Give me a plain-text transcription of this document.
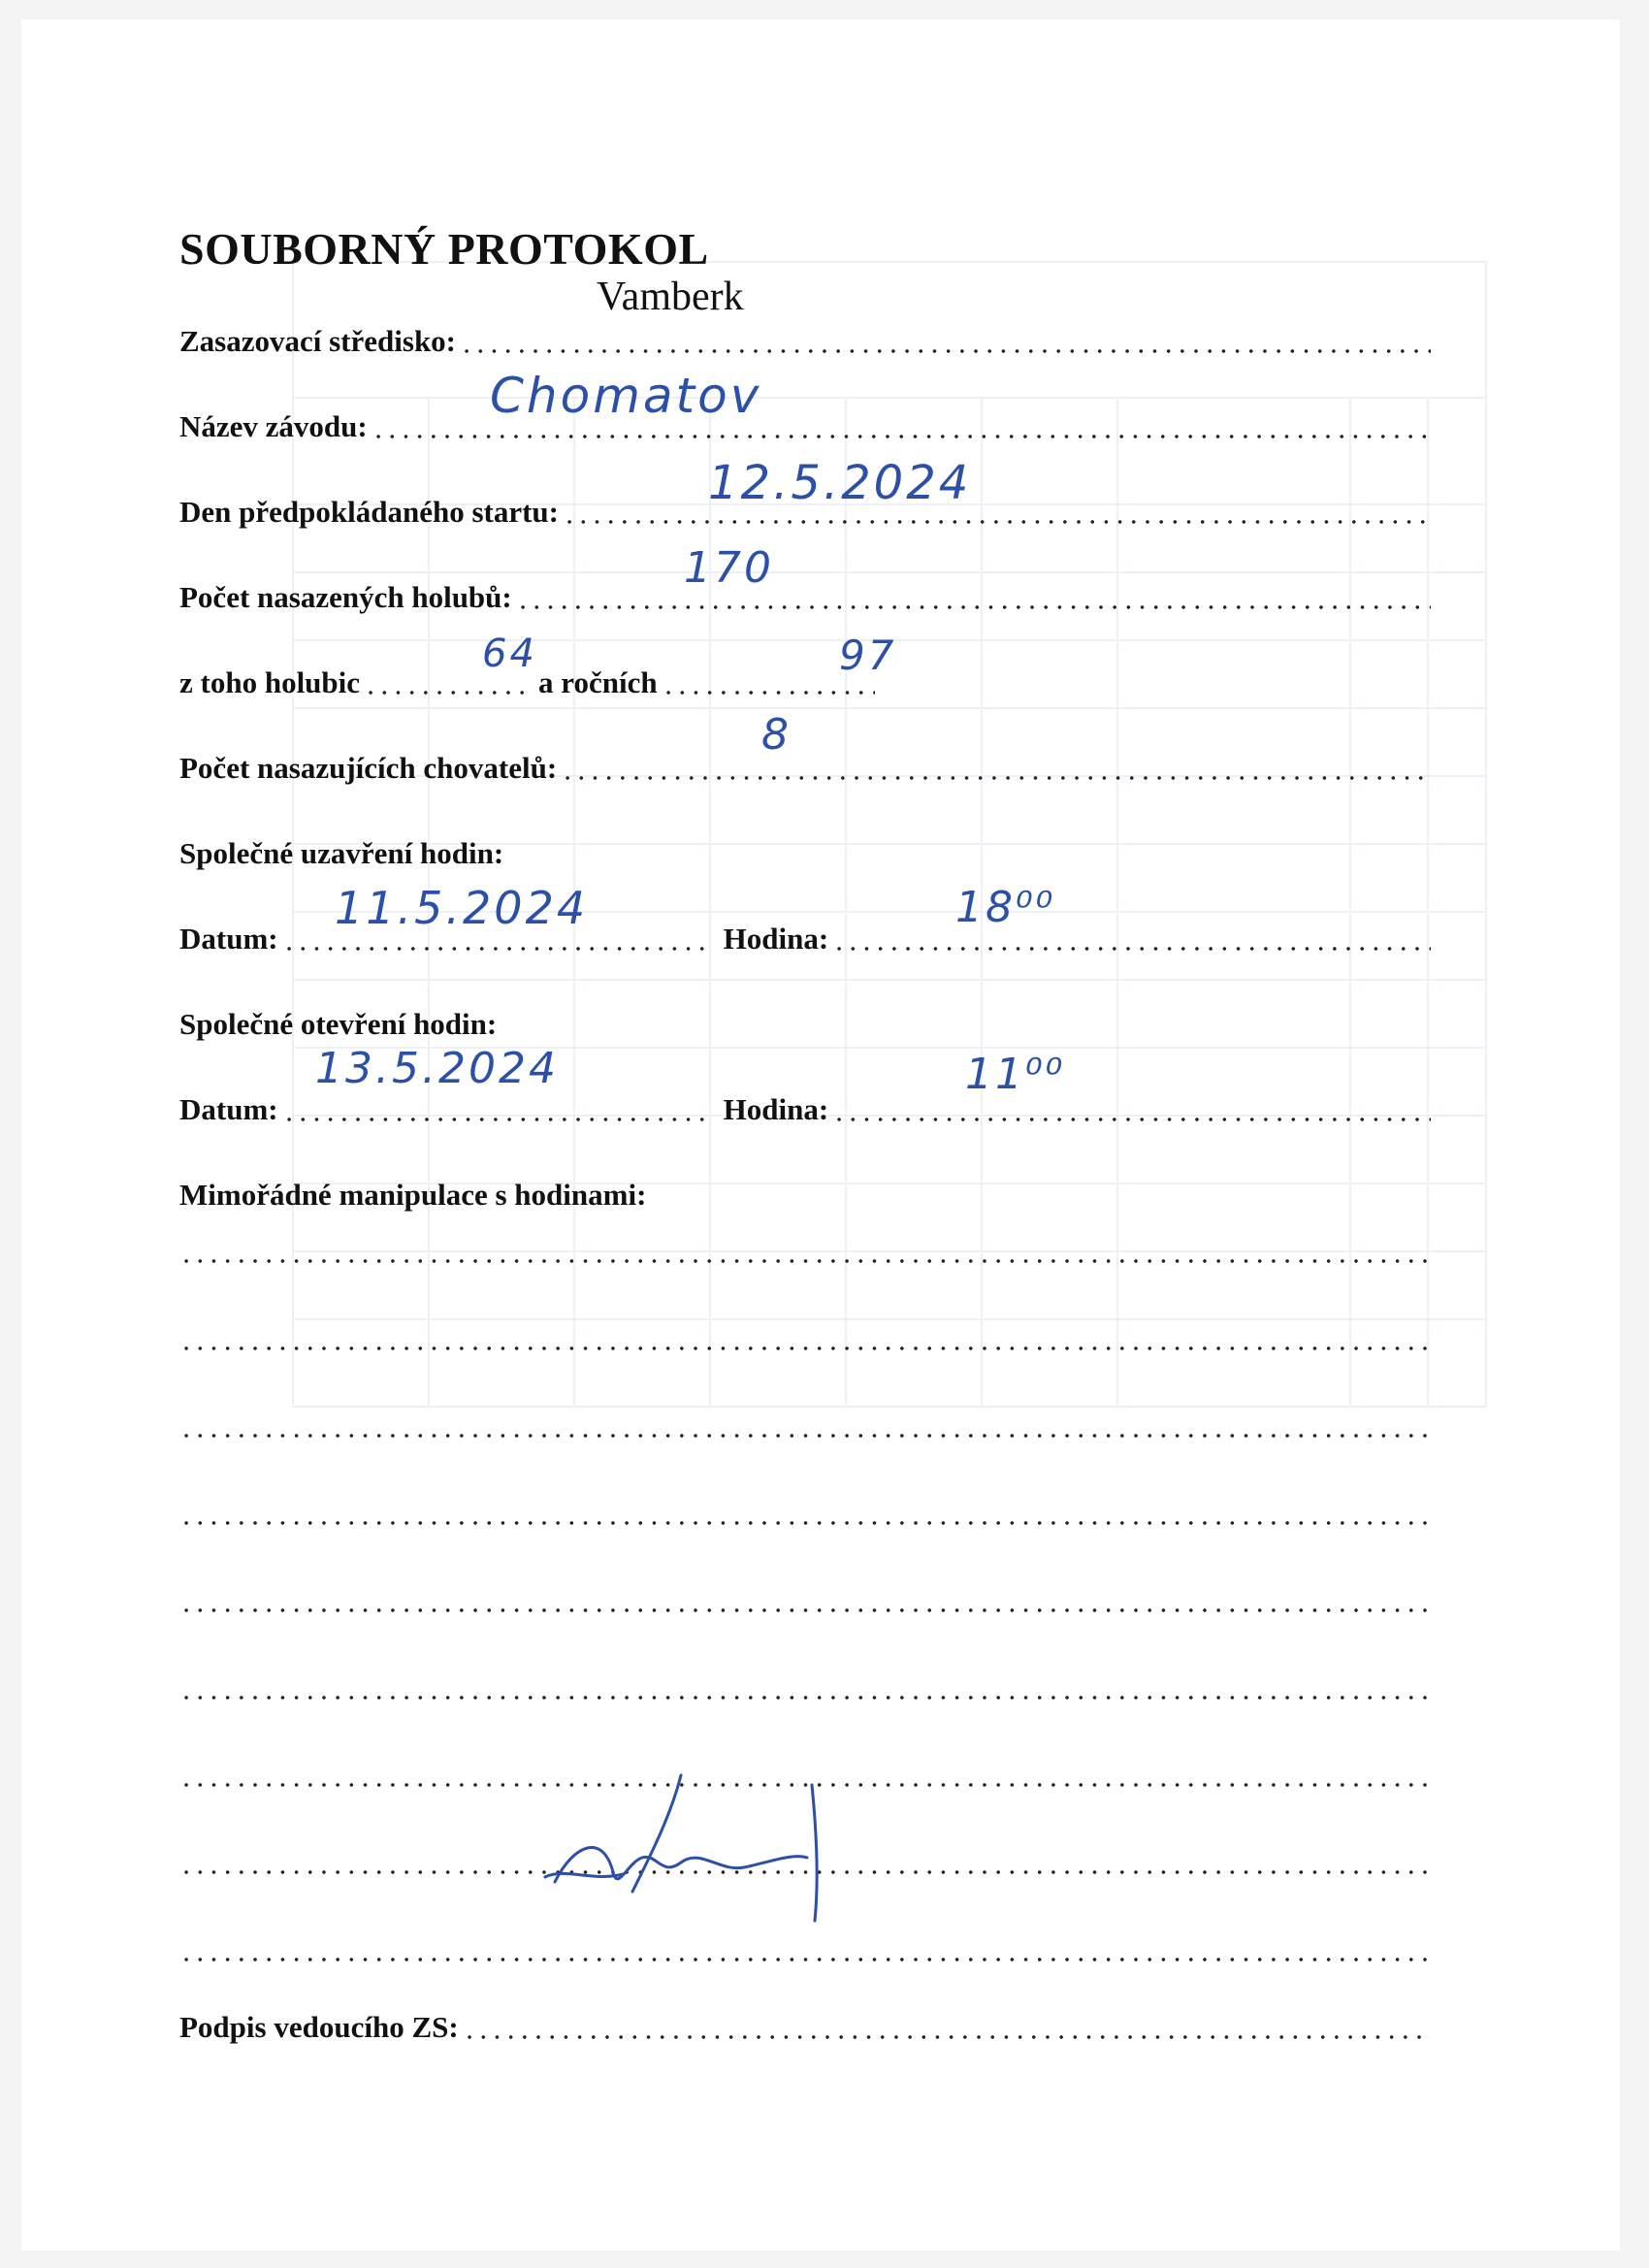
SOUBORNÝ PROTOKOL
Vamberk
Zasazovací středisko:
Název závodu:
Chomatov
Den předpokládaného startu:
12.5.2024
Počet nasazených holubů:
170
z toho holubic	a ročních
64	97
Počet nasazujících chovatelů:
8
Společné uzavření hodin:
Datum:	Hodina:
11.5.2024	18⁰⁰
Společné otevření hodin:
Datum:	Hodina:
13.5.2024	11⁰⁰
Mimořádné manipulace s hodinami:
Podpis vedoucího ZS:
